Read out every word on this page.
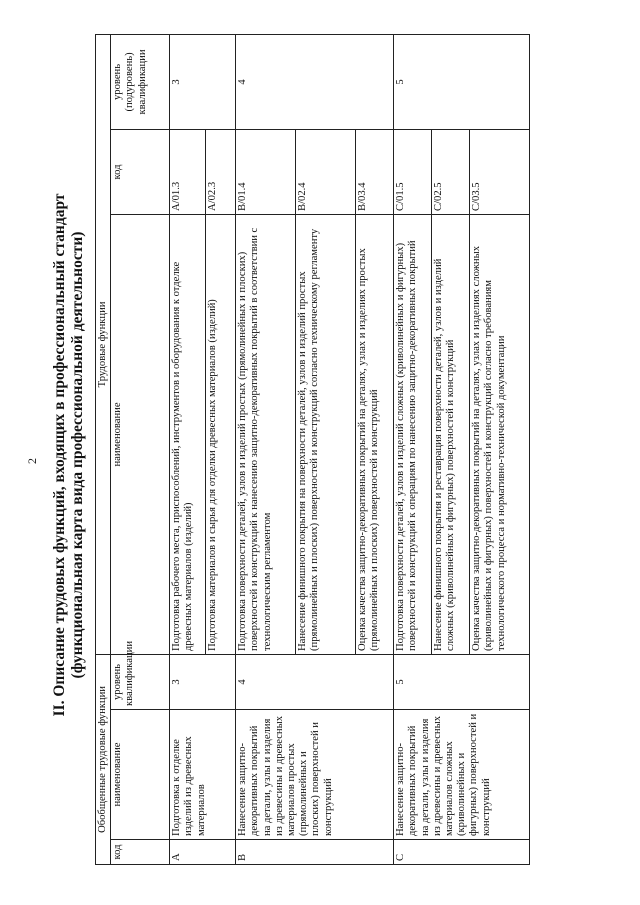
2 II. Описание трудовых функций, входящих в профессиональный стандарт (функциональная карта вида профессиональной деятельности)
Обобщенные трудовые функции			Трудовые функции		
код	наименование	уровень квалификации	наименование	код	уровень (подуровень) квалификации
A	Подготовка к отделке изделий из древесных материалов	3	Подготовка рабочего места, приспособлений, инструментов и оборудования к отделке древесных материалов (изделий)	A/01.3	3
			Подготовка материалов и сырья для отделки древесных материалов (изделий)	A/02.3	
B	Нанесение защитно-декоративных покрытий на детали, узлы и изделия из древесины и древесных материалов простых (прямолинейных и плоских) поверхностей и конструкций	4	Подготовка поверхности деталей, узлов и изделий простых (прямолинейных и плоских) поверхностей и конструкций к нанесению защитно-декоративных покрытий в соответствии с технологическим регламентом	B/01.4	4
			Нанесение финишного покрытия на поверхности деталей, узлов и изделий простых (прямолинейных и плоских) поверхностей и конструкций согласно техническому регламенту	B/02.4	
			Оценка качества защитно-декоративных покрытий на деталях, узлах и изделиях простых (прямолинейных и плоских) поверхностей и конструкций	B/03.4	
C	Нанесение защитно-декоративных покрытий на детали, узлы и изделия из древесины и древесных материалов сложных (криволинейных и фигурных) поверхностей и конструкций	5	Подготовка поверхности деталей, узлов и изделий сложных (криволинейных и фигурных) поверхностей и конструкций к операциям по нанесению защитно-декоративных покрытий	C/01.5	5
			Нанесение финишного покрытия и реставрация поверхности деталей, узлов и изделий сложных (криволинейных и фигурных) поверхностей и конструкций	C/02.5	
			Оценка качества защитно-декоративных покрытий на деталях, узлах и изделиях сложных (криволинейных и фигурных) поверхностей и конструкций согласно требованиям технологического процесса и нормативно-технической документации	C/03.5	
